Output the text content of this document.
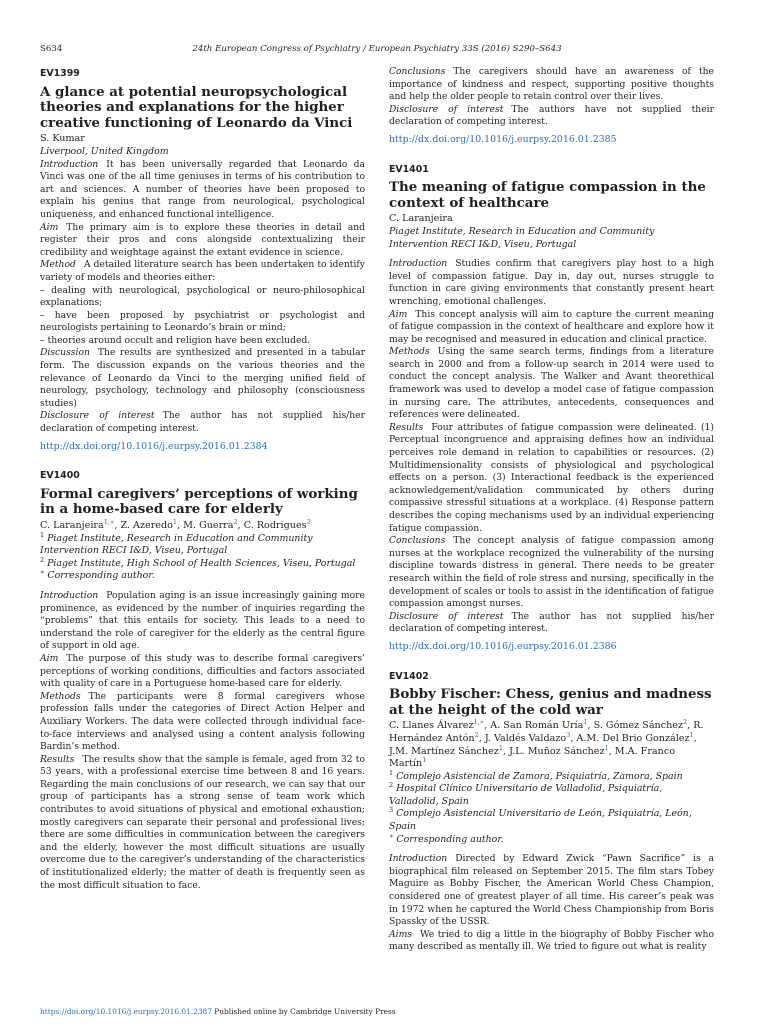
S634	24th European Congress of Psychiatry / European Psychiatry 33S (2016) S290–S643
EV1399
A glance at potential neuropsychological theories and explanations for the higher creative functioning of Leonardo da Vinci
S. Kumar
Liverpool, United Kingdom

Introduction It has been universally regarded that Leonardo da Vinci was one of the all time geniuses in terms of his contribution to art and sciences. A number of theories have been proposed to explain his genius that range from neurological, psychological uniqueness, and enhanced functional intelligence.

Aim The primary aim is to explore these theories in detail and register their pros and cons alongside contextualizing their credibility and weightage against the extant evidence in science.

Method A detailed literature search has been undertaken to identify variety of models and theories either:

– dealing with neurological, psychological or neuro-philosophical explanations;

– have been proposed by psychiatrist or psychologist and neurologists pertaining to Leonardo’s brain or mind;

– theories around occult and religion have been excluded.

Discussion The results are synthesized and presented in a tabular form. The discussion expands on the various theories and the relevance of Leonardo da Vinci to the merging unified field of neurology, psychology, technology and philosophy (consciousness studies)

Disclosure of interest The author has not supplied his/her declaration of competing interest.

http://dx.doi.org/10.1016/j.eurpsy.2016.01.2384
EV1400
Formal caregivers’ perceptions of working in a home-based care for elderly
C. Laranjeira$^{1,∗}$, Z. Azeredo$^1$, M. Guerra$^2$, C. Rodrigues$^2$
$^1$ Piaget Institute, Research in Education and Community Intervention RECI I&D, Viseu, Portugal
$^2$ Piaget Institute, High School of Health Sciences, Viseu, Portugal
∗ Corresponding author.

Introduction Population aging is an issue increasingly gaining more prominence, as evidenced by the number of inquiries regarding the “problems” that this entails for society. This leads to a need to understand the role of caregiver for the elderly as the central figure of support in old age.

Aim The purpose of this study was to describe formal caregivers’ perceptions of working conditions, difficulties and factors associated with quality of care in a Portuguese home-based care for elderly.

Methods The participants were 8 formal caregivers whose profession falls under the categories of Direct Action Helper and Auxiliary Workers. The data were collected through individual face-to-face interviews and analysed using a content analysis following Bardin’s method.

Results The results show that the sample is female, aged from 32 to 53 years, with a professional exercise time between 8 and 16 years. Regarding the main conclusions of our research, we can say that our group of participants has a strong sense of team work which contributes to avoid situations of physical and emotional exhaustion; mostly caregivers can separate their personal and professional lives; there are some difficulties in communication between the caregivers and the elderly, however the most difficult situations are usually overcome due to the caregiver’s understanding of the characteristics of institutionalized elderly; the matter of death is frequently seen as the most difficult situation to face.

Conclusions The caregivers should have an awareness of the importance of kindness and respect, supporting positive thoughts and help the older people to retain control over their lives.

Disclosure of interest The authors have not supplied their declaration of competing interest.

http://dx.doi.org/10.1016/j.eurpsy.2016.01.2385
EV1401
The meaning of fatigue compassion in the context of healthcare
C. Laranjeira
Piaget Institute, Research in Education and Community Intervention RECI I&D, Viseu, Portugal

Introduction Studies confirm that caregivers play host to a high level of compassion fatigue. Day in, day out, nurses struggle to function in care giving environments that constantly present heart wrenching, emotional challenges.

Aim This concept analysis will aim to capture the current meaning of fatigue compassion in the context of healthcare and explore how it may be recognised and measured in education and clinical practice.

Methods Using the same search terms, findings from a literature search in 2000 and from a follow-up search in 2014 were used to conduct the concept analysis. The Walker and Avant theorethical framework was used to develop a model case of fatigue compassion in nursing care. The attributes, antecedents, consequences and references were delineated.

Results Four attributes of fatigue compassion were delineated. (1) Perceptual incongruence and appraising defines how an individual perceives role demand in relation to capabilities or resources. (2) Multidimensionality consists of physiological and psychological effects on a person. (3) Interactional feedback is the experienced acknowledgement/validation communicated by others during compassive stressful situations at a workplace. (4) Response pattern describes the coping mechanisms used by an individual experiencing fatigue compassion.

Conclusions The concept analysis of fatigue compassion among nurses at the workplace recognized the vulnerability of the nursing discipline towards distress in general. There needs to be greater research within the field of role stress and nursing, specifically in the development of scales or tools to assist in the identification of fatigue compassion amongst nurses.

Disclosure of interest The author has not supplied his/her declaration of competing interest.

http://dx.doi.org/10.1016/j.eurpsy.2016.01.2386
EV1402
Bobby Fischer: Chess, genius and madness at the height of the cold war
C. Llanes Álvarez$^{1,∗}$, A. San Román Uría$^1$, S. Gómez Sánchez$^2$, R. Hernández Antón$^2$, J. Valdés Valdazo$^3$, A.M. Del Brio González$^1$, J.M. Martínez Sánchez$^1$, J.L. Muñoz Sánchez$^1$, M.A. Franco Martín$^1$
$^1$ Complejo Asistencial de Zamora, Psiquiatría, Zamora, Spain
$^2$ Hospital Clínico Universitario de Valladolid, Psiquiatría, Valladolid, Spain
$^3$ Complejo Asistencial Universitario de León, Psiquiatría, León, Spain
∗ Corresponding author.

Introduction Directed by Edward Zwick “Pawn Sacrifice” is a biographical film released on September 2015. The film stars Tobey Maguire as Bobby Fischer, the American World Chess Champion, considered one of greatest player of all time. His career’s peak was in 1972 when he captured the World Chess Championship from Boris Spassky of the USSR.

Aims We tried to dig a little in the biography of Bobby Fischer who many described as mentally ill. We tried to figure out what is reality

https://doi.org/10.1016/j.eurpsy.2016.01.2387 Published online by Cambridge University Press
